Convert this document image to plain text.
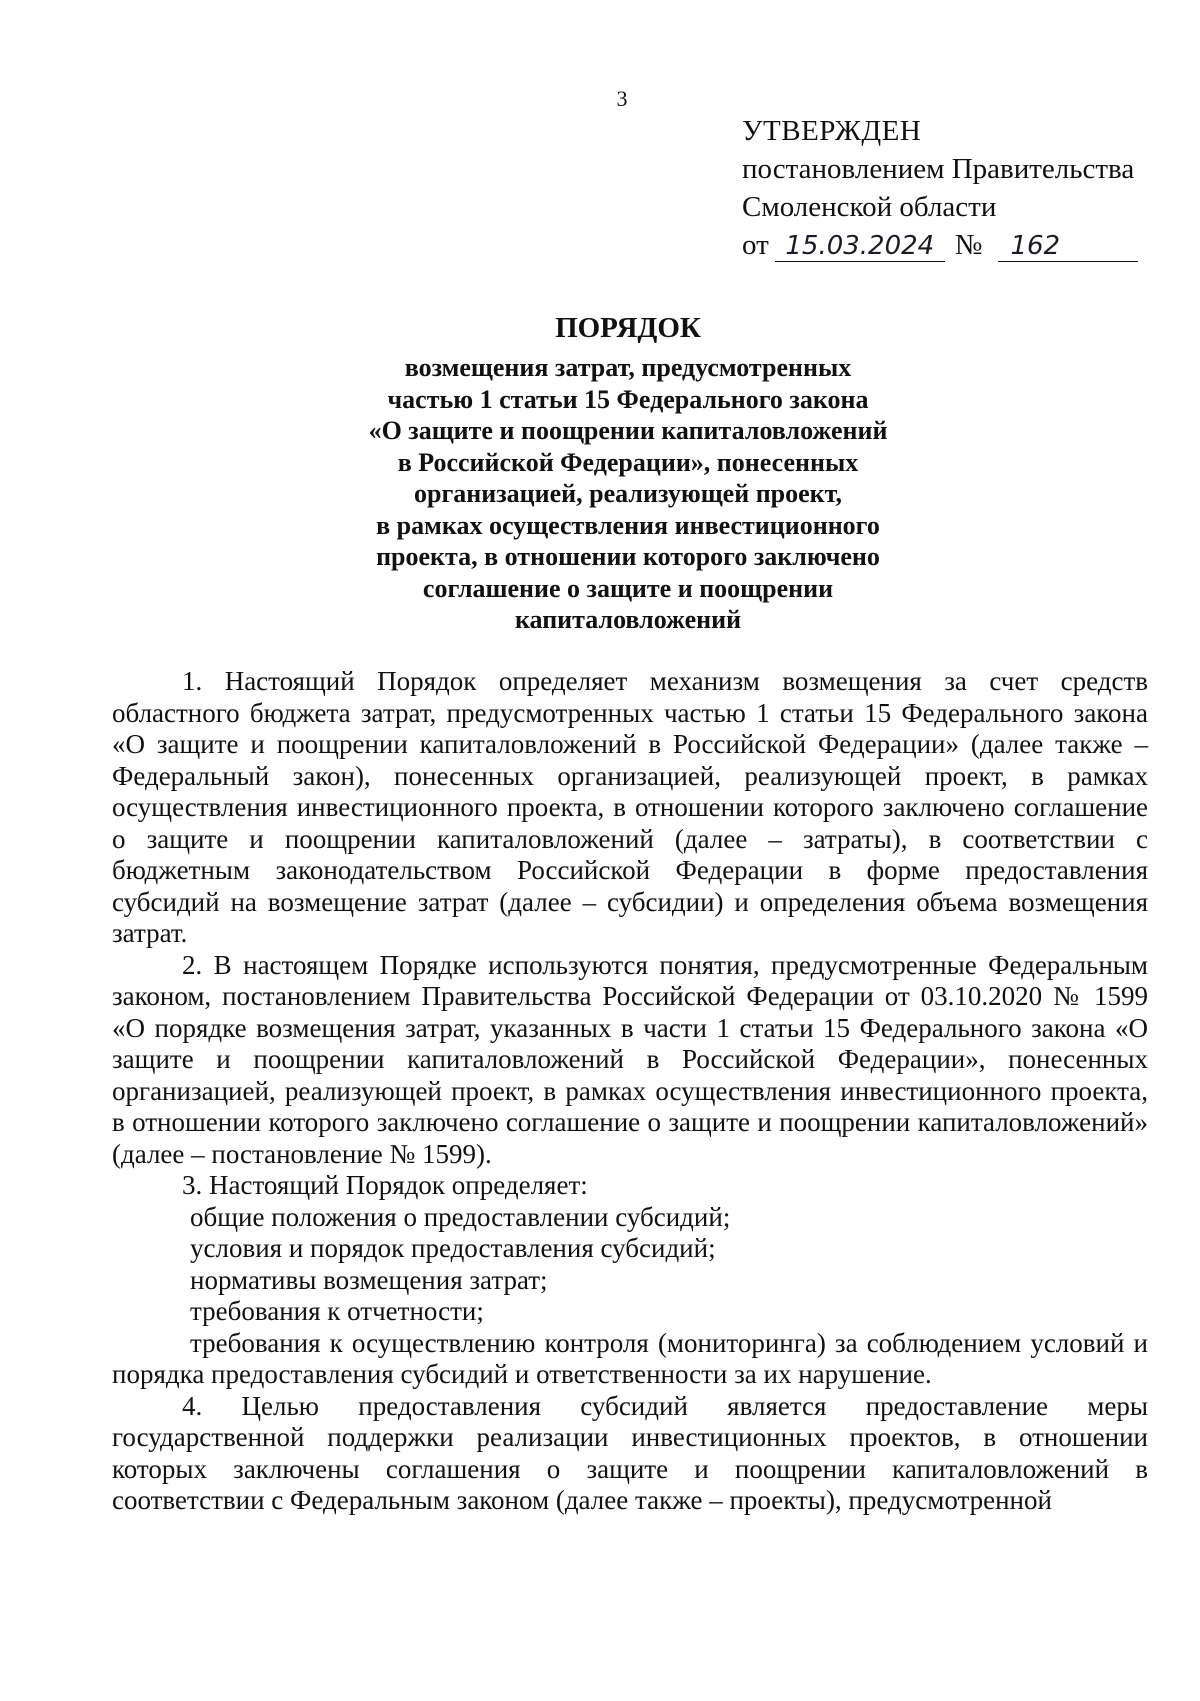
3
УТВЕРЖДЕН
постановлением Правительства
Смоленской области
от 15.03.2024 № 162
ПОРЯДОК
возмещения затрат, предусмотренных
частью 1 статьи 15 Федерального закона
«О защите и поощрении капиталовложений
в Российской Федерации», понесенных
организацией, реализующей проект,
в рамках осуществления инвестиционного
проекта, в отношении которого заключено
соглашение о защите и поощрении
капиталовложений

1. Настоящий Порядок определяет механизм возмещения за счет средств областного бюджета затрат, предусмотренных частью 1 статьи 15 Федерального закона «О защите и поощрении капиталовложений в Российской Федерации» (далее также – Федеральный закон), понесенных организацией, реализующей проект, в рамках осуществления инвестиционного проекта, в отношении которого заключено соглашение о защите и поощрении капиталовложений (далее – затраты), в соответствии с бюджетным законодательством Российской Федерации в форме предоставления субсидий на возмещение затрат (далее – субсидии) и определения объема возмещения затрат.

2. В настоящем Порядке используются понятия, предусмотренные Федеральным законом, постановлением Правительства Российской Федерации от 03.10.2020 № 1599 «О порядке возмещения затрат, указанных в части 1 статьи 15 Федерального закона «О защите и поощрении капиталовложений в Российской Федерации», понесенных организацией, реализующей проект, в рамках осуществления инвестиционного проекта, в отношении которого заключено соглашение о защите и поощрении капиталовложений» (далее – постановление № 1599).

3. Настоящий Порядок определяет:

общие положения о предоставлении субсидий;

условия и порядок предоставления субсидий;

нормативы возмещения затрат;

требования к отчетности;

требования к осуществлению контроля (мониторинга) за соблюдением условий и порядка предоставления субсидий и ответственности за их нарушение.

4. Целью предоставления субсидий является предоставление меры государственной поддержки реализации инвестиционных проектов, в отношении которых заключены соглашения о защите и поощрении капиталовложений в соответствии с Федеральным законом (далее также – проекты), предусмотренной
